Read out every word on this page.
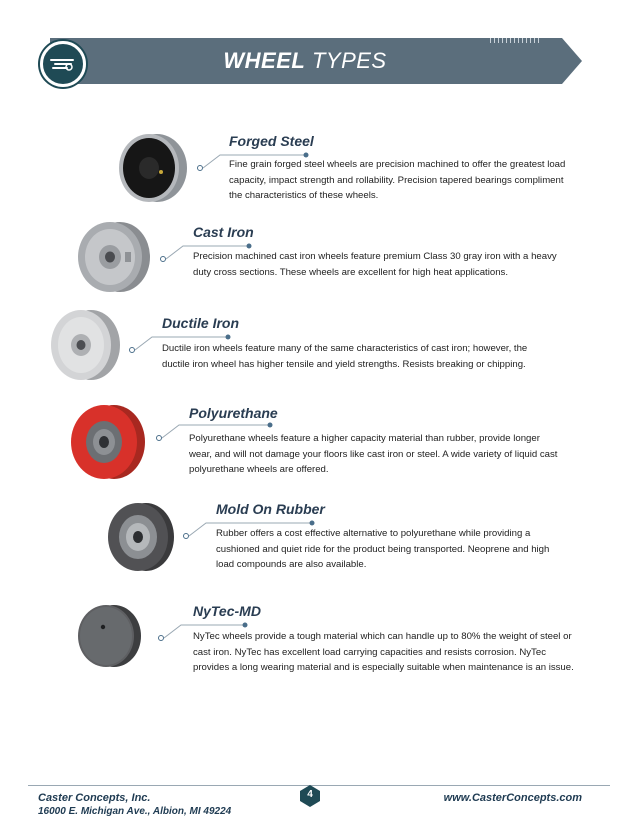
WHEEL TYPES
Forged Steel
Fine grain forged steel wheels are precision machined to offer the greatest load capacity, impact strength and rollability. Precision tapered bearings compliment the characteristics of these wheels.
Cast Iron
Precision machined cast iron wheels feature premium Class 30 gray iron with a heavy duty cross sections. These wheels are excellent for high heat applications.
Ductile Iron
Ductile iron wheels feature many of the same characteristics of cast iron; however, the ductile iron wheel has higher tensile and yield strengths. Resists breaking or chipping.
Polyurethane
Polyurethane wheels feature a higher capacity material than rubber, provide longer wear, and will not damage your floors like cast iron or steel. A wide variety of liquid cast polyurethane wheels are offered.
Mold On Rubber
Rubber offers a cost effective alternative to polyurethane while providing a cushioned and quiet ride for the product being transported. Neoprene and high load compounds are also available.
NyTec-MD
NyTec wheels provide a tough material which can handle up to 80% the weight of steel or cast iron. NyTec has excellent load carrying capacities and resists corrosion. NyTec provides a long wearing material and is especially suitable when maintenance is an issue.
4
Caster Concepts, Inc.
16000 E. Michigan Ave., Albion, MI 49224
www.CasterConcepts.com
